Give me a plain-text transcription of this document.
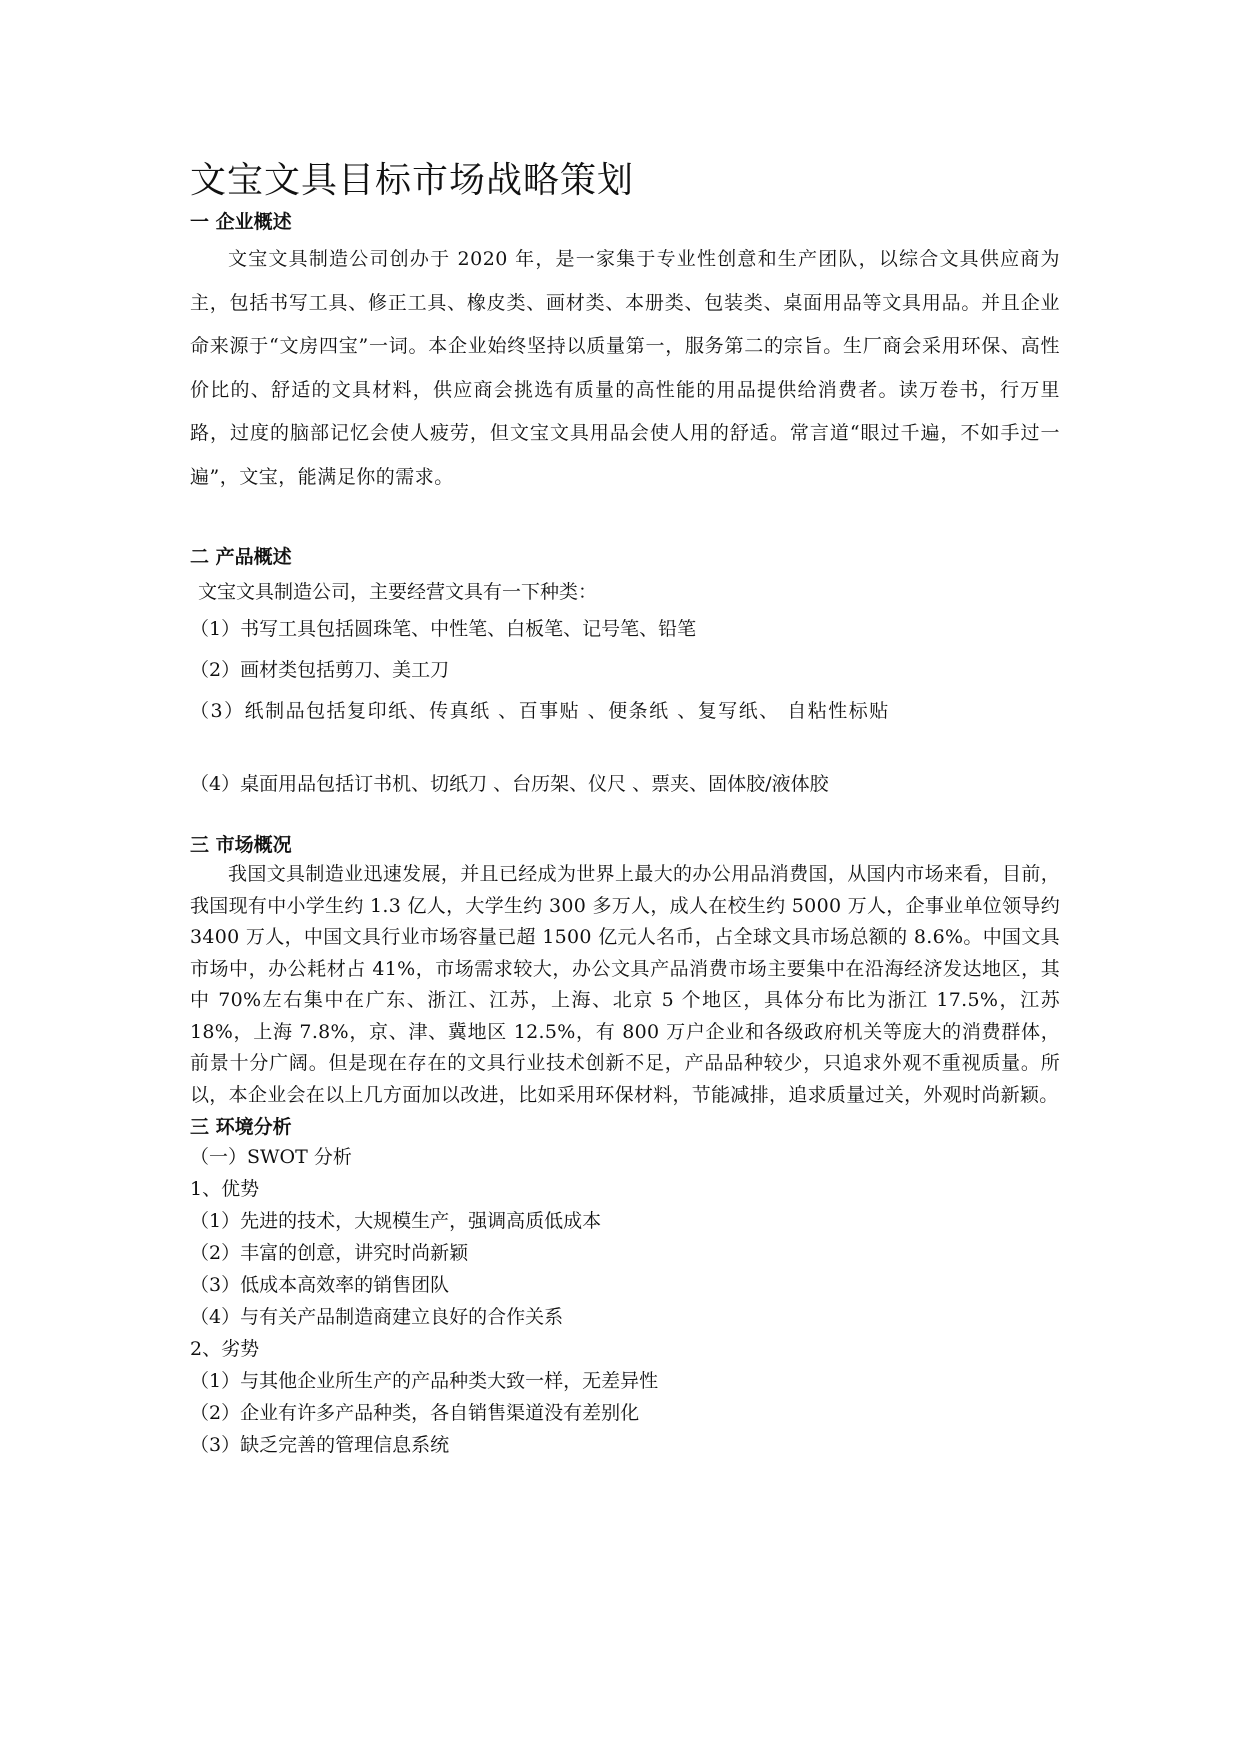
文宝文具目标市场战略策划
一 企业概述

文宝文具制造公司创办于 2020 年，是一家集于专业性创意和生产团队，以综合文具供应商为主，包括书写工具、修正工具、橡皮类、画材类、本册类、包装类、桌面用品等文具用品。并且企业命来源于“文房四宝”一词。本企业始终坚持以质量第一，服务第二的宗旨。生厂商会采用环保、高性价比的、舒适的文具材料，供应商会挑选有质量的高性能的用品提供给消费者。读万卷书，行万里路，过度的脑部记忆会使人疲劳，但文宝文具用品会使人用的舒适。常言道“眼过千遍，不如手过一遍”，文宝，能满足你的需求。

二 产品概述

文宝文具制造公司，主要经营文具有一下种类：

（1）书写工具包括圆珠笔、中性笔、白板笔、记号笔、铅笔

（2）画材类包括剪刀、美工刀

（3）纸制品包括复印纸、传真纸 、百事贴 、便条纸 、复写纸、 自粘性标贴

（4）桌面用品包括订书机、切纸刀 、台历架、仪尺 、票夹、固体胶/液体胶

三 市场概况

我国文具制造业迅速发展，并且已经成为世界上最大的办公用品消费国，从国内市场来看，目前，我国现有中小学生约 1.3 亿人，大学生约 300 多万人，成人在校生约 5000 万人，企事业单位领导约 3400 万人，中国文具行业市场容量已超 1500 亿元人名币，占全球文具市场总额的 8.6%。中国文具市场中，办公耗材占 41%，市场需求较大，办公文具产品消费市场主要集中在沿海经济发达地区，其中 70%左右集中在广东、浙江、江苏，上海、北京 5 个地区，具体分布比为浙江 17.5%，江苏 18%，上海 7.8%，京、津、冀地区 12.5%，有 800 万户企业和各级政府机关等庞大的消费群体，前景十分广阔。但是现在存在的文具行业技术创新不足，产品品种较少，只追求外观不重视质量。所以，本企业会在以上几方面加以改进，比如采用环保材料，节能减排，追求质量过关，外观时尚新颖。

三 环境分析

（一）SWOT 分析

1、优势

（1）先进的技术，大规模生产，强调高质低成本

（2）丰富的创意，讲究时尚新颖

（3）低成本高效率的销售团队

（4）与有关产品制造商建立良好的合作关系

2、劣势

（1）与其他企业所生产的产品种类大致一样，无差异性

（2）企业有许多产品种类，各自销售渠道没有差别化

（3）缺乏完善的管理信息系统
